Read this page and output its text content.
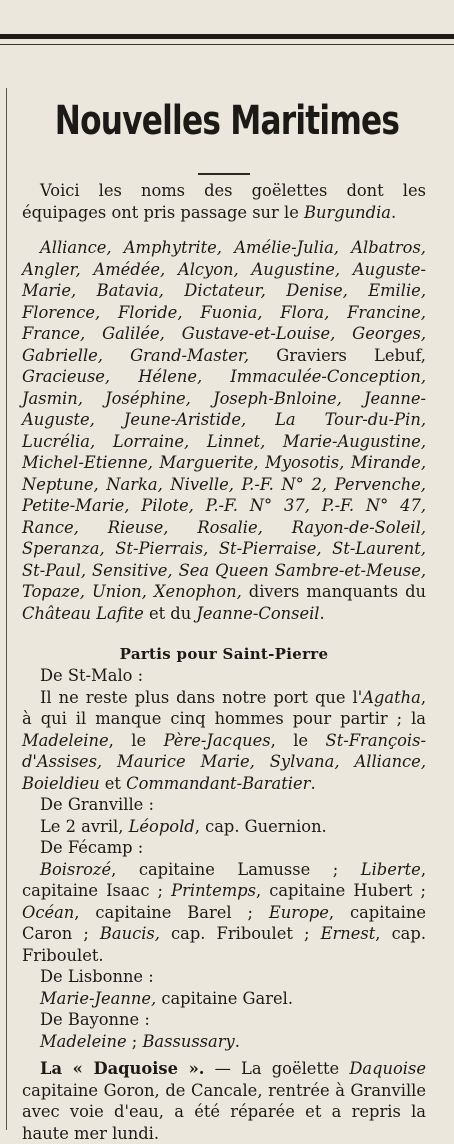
Nouvelles Maritimes
Voici les noms des goëlettes dont les équipages ont pris passage sur le Burgundia.
Alliance, Amphytrite, Amélie-Julia, Albatros, Angler, Amédée, Alcyon, Augustine, Auguste-Marie, Batavia, Dictateur, Denise, Emilie, Florence, Floride, Fuonia, Flora, Francine, France, Galilée, Gustave-et-Louise, Georges, Gabrielle, Grand-Master, Graviers Lebuf, Gracieuse, Hélene, Immaculée-Conception, Jasmin, Joséphine, Joseph-Bnloine, Jeanne-Auguste, Jeune-Aristide, La Tour-du-Pin, Lucrélia, Lorraine, Linnet, Marie-Augustine, Michel-Etienne, Marguerite, Myosotis, Mirande, Neptune, Narka, Nivelle, P.-F. N° 2, Pervenche, Petite-Marie, Pilote, P.-F. N° 37, P.-F. N° 47, Rance, Rieuse, Rosalie, Rayon-de-Soleil, Speranza, St-Pierrais, St-Pierraise, St-Laurent, St-Paul, Sensitive, Sea Queen Sambre-et-Meuse, Topaze, Union, Xenophon, divers manquants du Château Lafite et du Jeanne-Conseil.
Partis pour Saint-Pierre
De St-Malo :
Il ne reste plus dans notre port que l'Agatha, à qui il manque cinq hommes pour partir ; la Madeleine, le Père-Jacques, le St-François-d'Assises, Maurice Marie, Sylvana, Alliance, Boieldieu et Commandant-Baratier.
De Granville :
Le 2 avril, Léopold, cap. Guernion.
De Fécamp :
Boisrozé, capitaine Lamusse ; Liberte, capitaine Isaac ; Printemps, capitaine Hubert ; Océan, capitaine Barel ; Europe, capitaine Caron ; Baucis, cap. Friboulet ; Ernest, cap. Friboulet.
De Lisbonne :
Marie-Jeanne, capitaine Garel.
De Bayonne :
Madeleine ; Bassussary.
La « Daquoise ». — La goëlette Daquoise capitaine Goron, de Cancale, rentrée à Granville avec voie d'eau, a été réparée et a repris la haute mer lundi.
